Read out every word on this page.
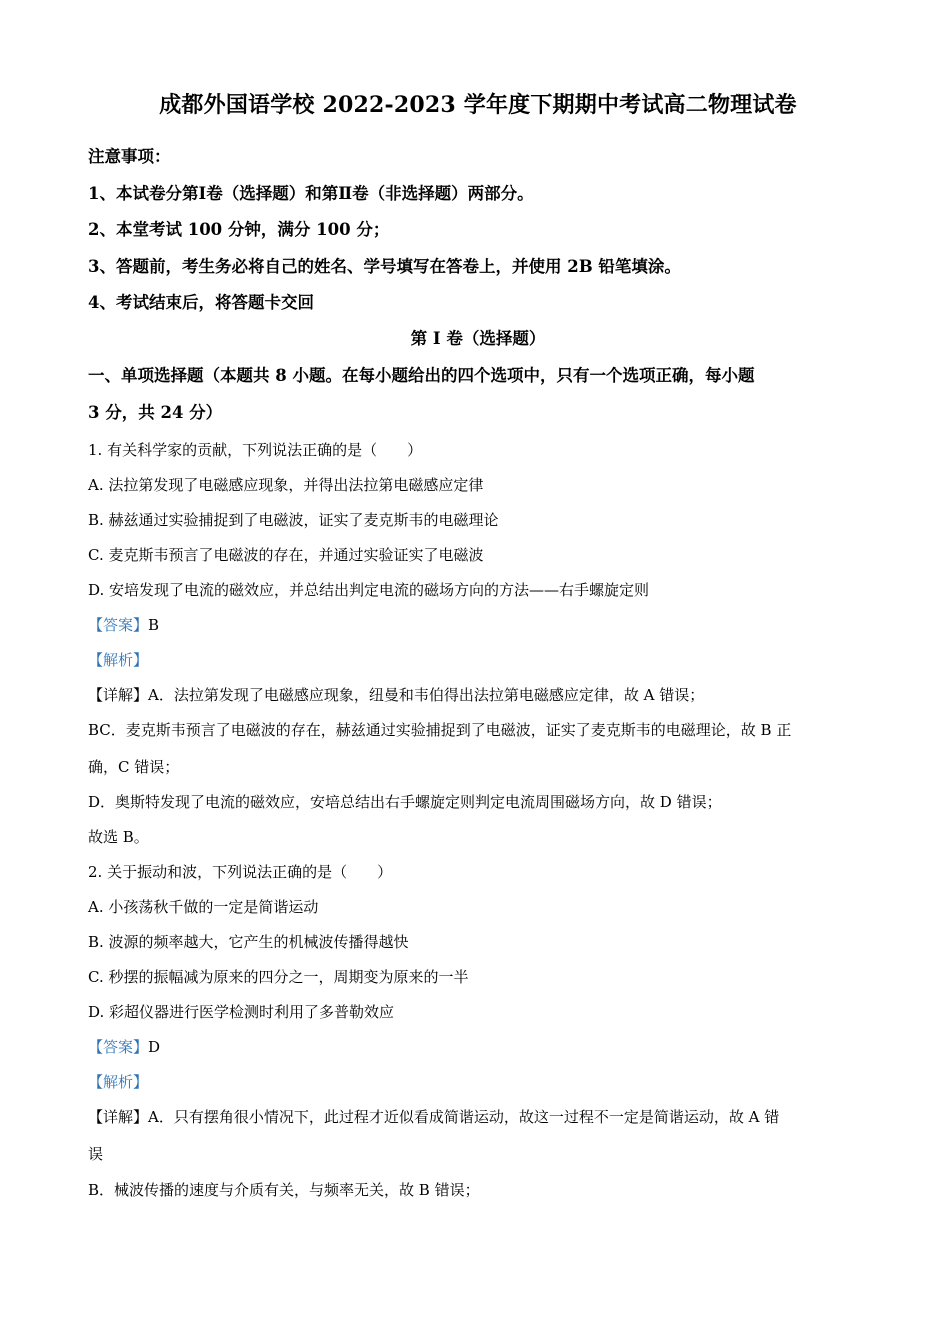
成都外国语学校 2022-2023 学年度下期期中考试高二物理试卷
注意事项：
1、本试卷分第Ⅰ卷（选择题）和第Ⅱ卷（非选择题）两部分。
2、本堂考试 100 分钟，满分 100 分；
3、答题前，考生务必将自己的姓名、学号填写在答卷上，并使用 2B 铅笔填涂。
4、考试结束后，将答题卡交回
第 I 卷（选择题）
一、单项选择题（本题共 8 小题。在每小题给出的四个选项中，只有一个选项正确，每小题
3 分，共 24 分）
1. 有关科学家的贡献，下列说法正确的是（　　）
A. 法拉第发现了电磁感应现象，并得出法拉第电磁感应定律
B. 赫兹通过实验捕捉到了电磁波，证实了麦克斯韦的电磁理论
C. 麦克斯韦预言了电磁波的存在，并通过实验证实了电磁波
D. 安培发现了电流的磁效应，并总结出判定电流的磁场方向的方法——右手螺旋定则
【答案】B
【解析】
【详解】A．法拉第发现了电磁感应现象，纽曼和韦伯得出法拉第电磁感应定律，故 A 错误；
BC．麦克斯韦预言了电磁波的存在，赫兹通过实验捕捉到了电磁波，证实了麦克斯韦的电磁理论，故 B 正
确，C 错误；
D．奥斯特发现了电流的磁效应，安培总结出右手螺旋定则判定电流周围磁场方向，故 D 错误；
故选 B。
2. 关于振动和波，下列说法正确的是（　　）
A. 小孩荡秋千做的一定是简谐运动
B. 波源的频率越大，它产生的机械波传播得越快
C. 秒摆的振幅减为原来的四分之一，周期变为原来的一半
D. 彩超仪器进行医学检测时利用了多普勒效应
【答案】D
【解析】
【详解】A．只有摆角很小情况下，此过程才近似看成简谐运动，故这一过程不一定是简谐运动，故 A 错
误
B．械波传播的速度与介质有关，与频率无关，故 B 错误；
